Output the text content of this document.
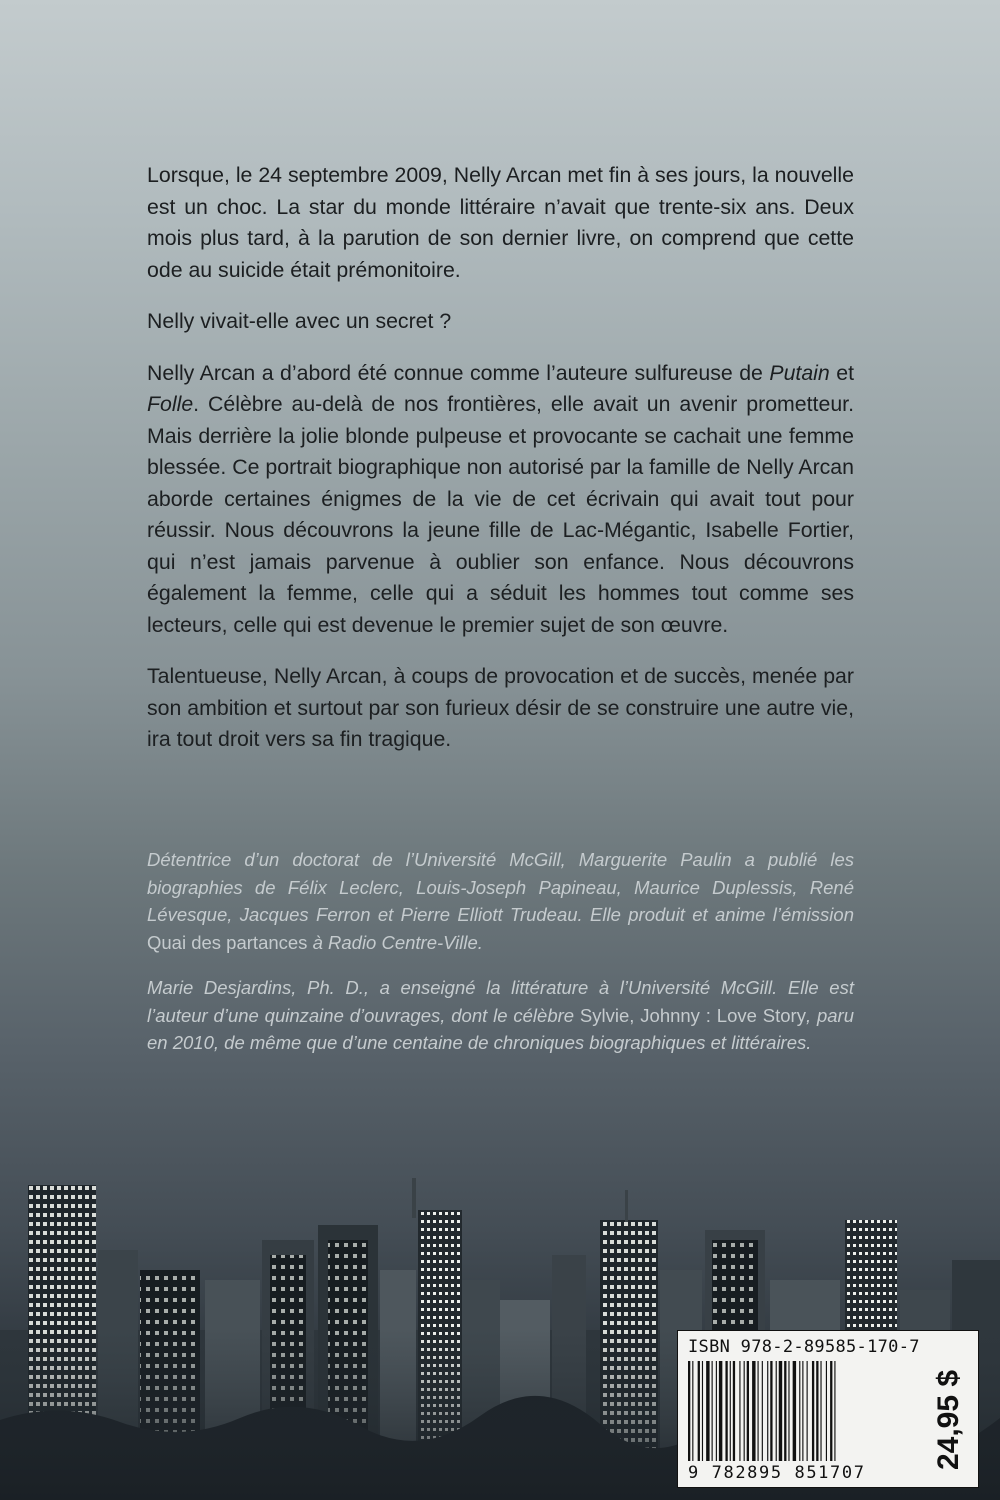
Lorsque, le 24 septembre 2009, Nelly Arcan met fin à ses jours, la nouvelle est un choc. La star du monde littéraire n’avait que trente-six ans. Deux mois plus tard, à la parution de son dernier livre, on comprend que cette ode au suicide était prémonitoire.

Nelly vivait-elle avec un secret ?

Nelly Arcan a d’abord été connue comme l’auteure sulfureuse de Putain et Folle. Célèbre au-delà de nos frontières, elle avait un avenir prometteur. Mais derrière la jolie blonde pulpeuse et provocante se cachait une femme blessée. Ce portrait biographique non autorisé par la famille de Nelly Arcan aborde certaines énigmes de la vie de cet écrivain qui avait tout pour réussir. Nous découvrons la jeune fille de Lac-Mégantic, Isabelle Fortier, qui n’est jamais parvenue à oublier son enfance. Nous découvrons également la femme, celle qui a séduit les hommes tout comme ses lecteurs, celle qui est devenue le premier sujet de son œuvre.

Talentueuse, Nelly Arcan, à coups de provocation et de succès, menée par son ambition et surtout par son furieux désir de se construire une autre vie, ira tout droit vers sa fin tragique.

Détentrice d’un doctorat de l’Université McGill, Marguerite Paulin a publié les biographies de Félix Leclerc, Louis-Joseph Papineau, Maurice Duplessis, René Lévesque, Jacques Ferron et Pierre Elliott Trudeau. Elle produit et anime l’émission Quai des partances à Radio Centre-Ville.

Marie Desjardins, Ph. D., a enseigné la littérature à l’Université McGill. Elle est l’auteur d’une quinzaine d’ouvrages, dont le célèbre Sylvie, Johnny : Love Story, paru en 2010, de même que d’une centaine de chroniques biographiques et littéraires.

ISBN 978-2-89585-170-7
9 782895 851707
24,95 $
